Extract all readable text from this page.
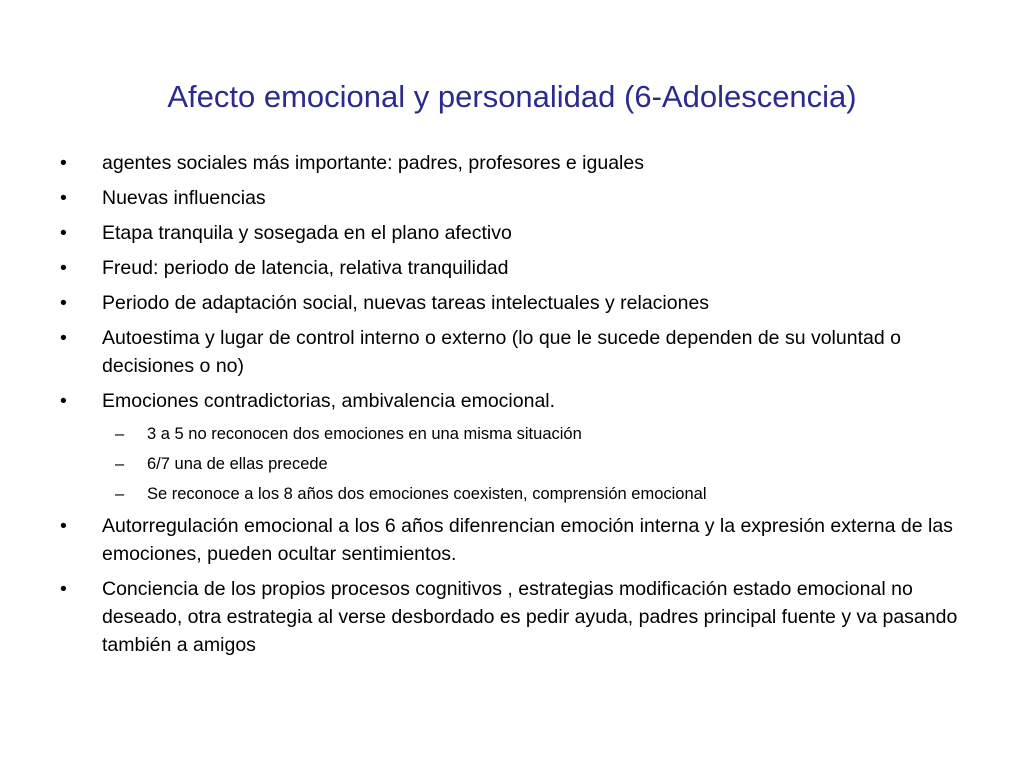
Afecto emocional y personalidad (6-Adolescencia)
•	agentes sociales más importante: padres, profesores e iguales
•	Nuevas influencias
•	Etapa tranquila y sosegada en el plano afectivo
•	Freud: periodo de latencia, relativa tranquilidad
•	Periodo de adaptación social, nuevas tareas intelectuales y relaciones
•	Autoestima y lugar de control interno o externo (lo que le sucede dependen de su voluntad o decisiones o no)
•	Emociones contradictorias, ambivalencia emocional.
– 3 a 5 no reconocen dos emociones en una misma situación
– 6/7 una de ellas precede
– Se reconoce a los 8 años dos emociones coexisten, comprensión emocional
•	Autorregulación emocional a los 6 años difenrencian emoción interna y la expresión externa de las emociones, pueden ocultar sentimientos.
•	Conciencia de los propios procesos cognitivos , estrategias modificación estado emocional no deseado, otra estrategia al verse desbordado es pedir ayuda, padres principal fuente y va pasando también a amigos
